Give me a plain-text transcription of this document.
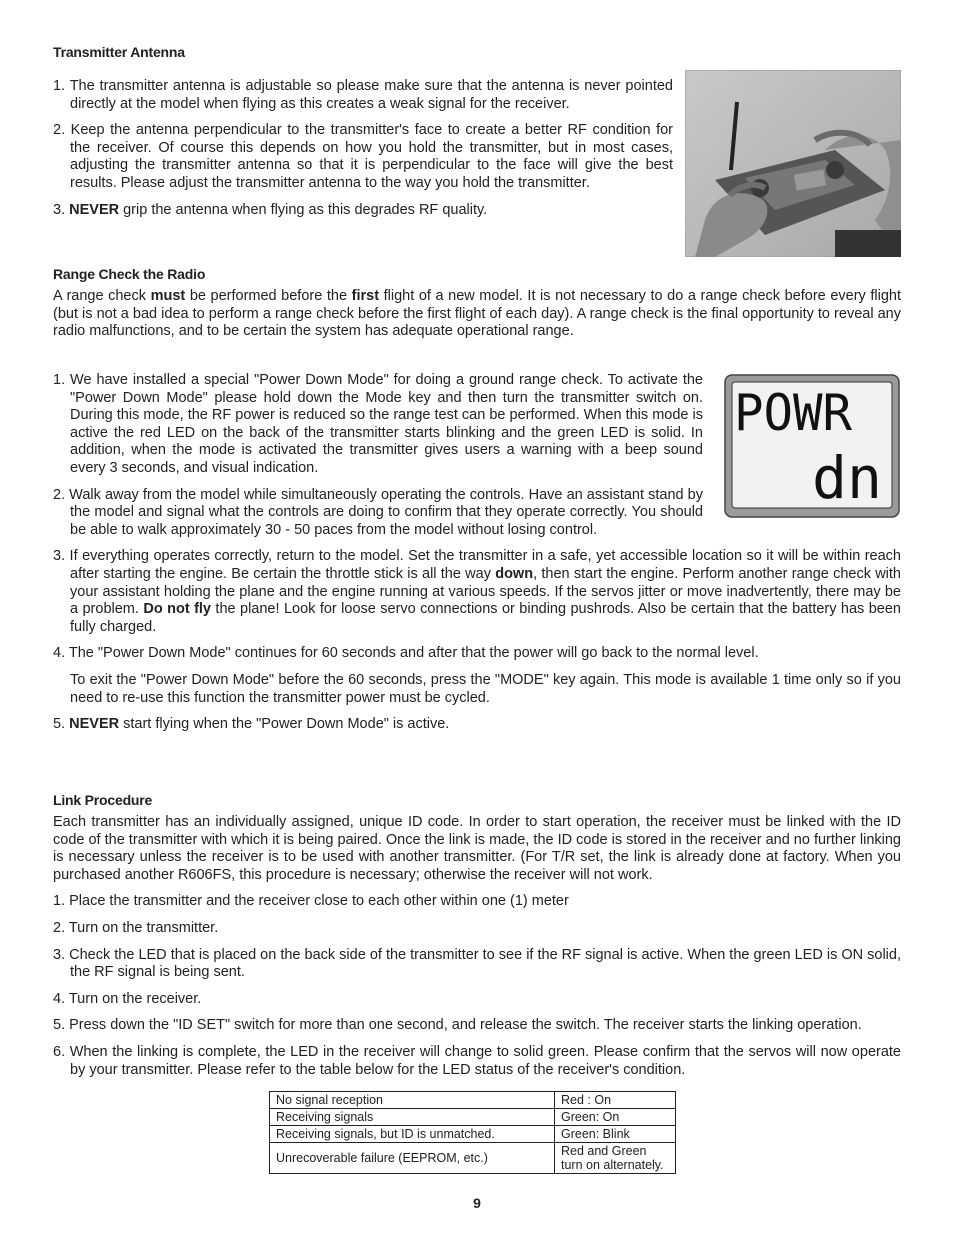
Transmitter Antenna

1. The transmitter antenna is adjustable so please make sure that the antenna is never pointed directly at the model when flying as this creates a weak signal for the receiver.

2. Keep the antenna perpendicular to the transmitter's face to create a better RF condition for the receiver. Of course this depends on how you hold the transmitter, but in most cases, adjusting the transmitter antenna so that it is perpendicular to the face will give the best results. Please adjust the transmitter antenna to the way you hold the transmitter.

3. NEVER grip the antenna when flying as this degrades RF quality.

Range Check the Radio

A range check must be performed before the first flight of a new model. It is not necessary to do a range check before every flight (but is not a bad idea to perform a range check before the first flight of each day). A range check is the final opportunity to reveal any radio malfunctions, and to be certain the system has adequate operational range.

1. We have installed a special "Power Down Mode" for doing a ground range check. To activate the "Power Down Mode" please hold down the Mode key and then turn the transmitter switch on. During this mode, the RF power is reduced so the range test can be performed. When this mode is active the red LED on the back of the transmitter starts blinking and the green LED is solid. In addition, when the mode is activated the transmitter gives users a warning with a beep sound every 3 seconds, and visual indication.

2. Walk away from the model while simultaneously operating the controls. Have an assistant stand by the model and signal what the controls are doing to confirm that they operate correctly. You should be able to walk approximately 30 - 50 paces from the model without losing control.

3. If everything operates correctly, return to the model. Set the transmitter in a safe, yet accessible location so it will be within reach after starting the engine. Be certain the throttle stick is all the way down, then start the engine. Perform another range check with your assistant holding the plane and the engine running at various speeds. If the servos jitter or move inadvertently, there may be a problem. Do not fly the plane! Look for loose servo connections or binding pushrods. Also be certain that the battery has been fully charged.

4. The "Power Down Mode" continues for 60 seconds and after that the power will go back to the normal level.

To exit the "Power Down Mode" before the 60 seconds, press the "MODE" key again. This mode is available 1 time only so if you need to re-use this function the transmitter power must be cycled.

5. NEVER start flying when the "Power Down Mode" is active.

POWR
dn

Link Procedure

Each transmitter has an individually assigned, unique ID code. In order to start operation, the receiver must be linked with the ID code of the transmitter with which it is being paired. Once the link is made, the ID code is stored in the receiver and no further linking is necessary unless the receiver is to be used with another transmitter. (For T/R set, the link is already done at factory. When you purchased another R606FS, this procedure is necessary; otherwise the receiver will not work.

1. Place the transmitter and the receiver close to each other within one (1) meter

2. Turn on the transmitter.

3. Check the LED that is placed on the back side of the transmitter to see if the RF signal is active. When the green LED is ON solid, the RF signal is being sent.

4. Turn on the receiver.

5. Press down the "ID SET" switch for more than one second, and release the switch. The receiver starts the linking operation.

6. When the linking is complete, the LED in the receiver will change to solid green. Please confirm that the servos will now operate by your transmitter. Please refer to the table below for the LED status of the receiver's condition.

No signal reception	Red : On
Receiving signals	Green: On
Receiving signals, but ID is unmatched.	Green: Blink
Unrecoverable failure (EEPROM, etc.)	Red and Green turn on alternately.
9
